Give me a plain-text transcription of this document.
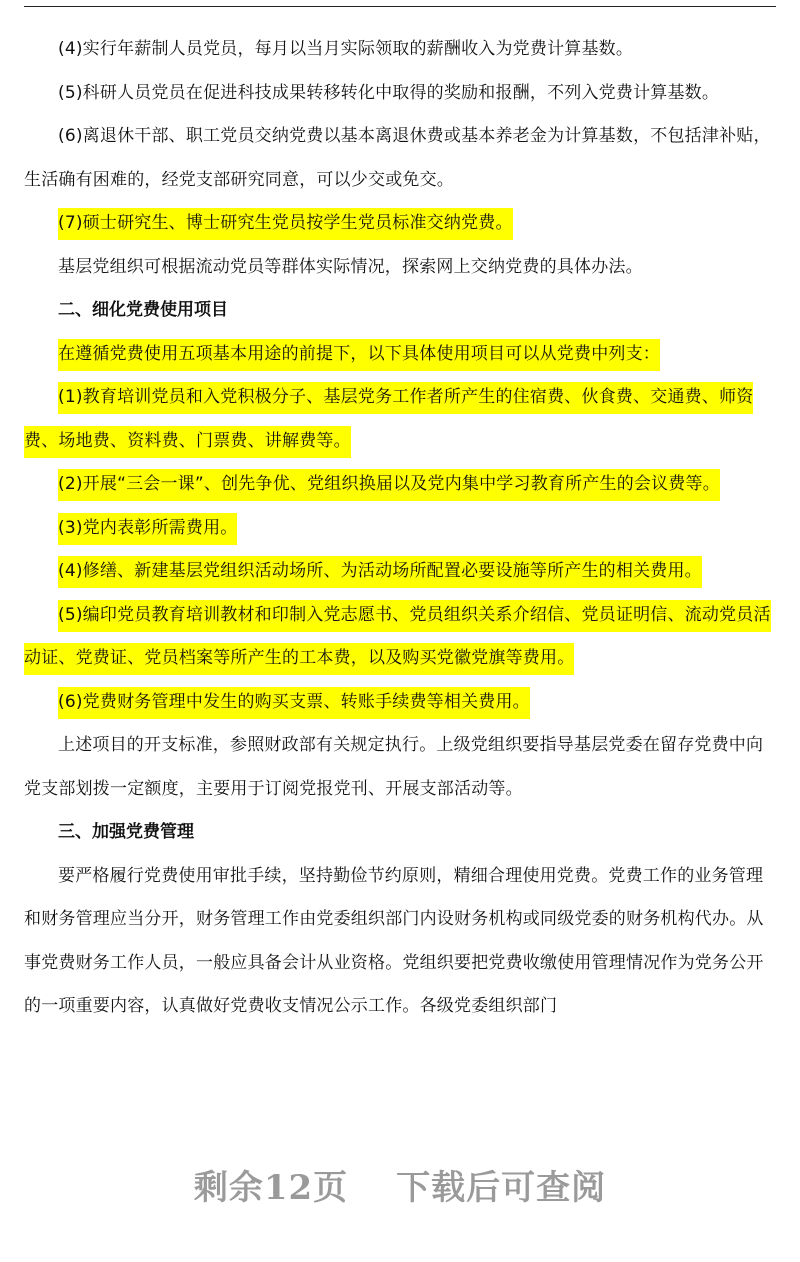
(4)实行年薪制人员党员，每月以当月实际领取的薪酬收入为党费计算基数。

(5)科研人员党员在促进科技成果转移转化中取得的奖励和报酬，不列入党费计算基数。

(6)离退休干部、职工党员交纳党费以基本离退休费或基本养老金为计算基数，不包括津补贴，生活确有困难的，经党支部研究同意，可以少交或免交。

(7)硕士研究生、博士研究生党员按学生党员标准交纳党费。

基层党组织可根据流动党员等群体实际情况，探索网上交纳党费的具体办法。

二、细化党费使用项目

在遵循党费使用五项基本用途的前提下，以下具体使用项目可以从党费中列支：

(1)教育培训党员和入党积极分子、基层党务工作者所产生的住宿费、伙食费、交通费、师资费、场地费、资料费、门票费、讲解费等。

(2)开展“三会一课”、创先争优、党组织换届以及党内集中学习教育所产生的会议费等。

(3)党内表彰所需费用。

(4)修缮、新建基层党组织活动场所、为活动场所配置必要设施等所产生的相关费用。

(5)编印党员教育培训教材和印制入党志愿书、党员组织关系介绍信、党员证明信、流动党员活动证、党费证、党员档案等所产生的工本费，以及购买党徽党旗等费用。

(6)党费财务管理中发生的购买支票、转账手续费等相关费用。

上述项目的开支标准，参照财政部有关规定执行。上级党组织要指导基层党委在留存党费中向党支部划拨一定额度，主要用于订阅党报党刊、开展支部活动等。

三、加强党费管理

要严格履行党费使用审批手续，坚持勤俭节约原则，精细合理使用党费。党费工作的业务管理和财务管理应当分开，财务管理工作由党委组织部门内设财务机构或同级党委的财务机构代办。从事党费财务工作人员，一般应具备会计从业资格。党组织要把党费收缴使用管理情况作为党务公开的一项重要内容，认真做好党费收支情况公示工作。各级党委组织部门

剩余12页 下载后可查阅
